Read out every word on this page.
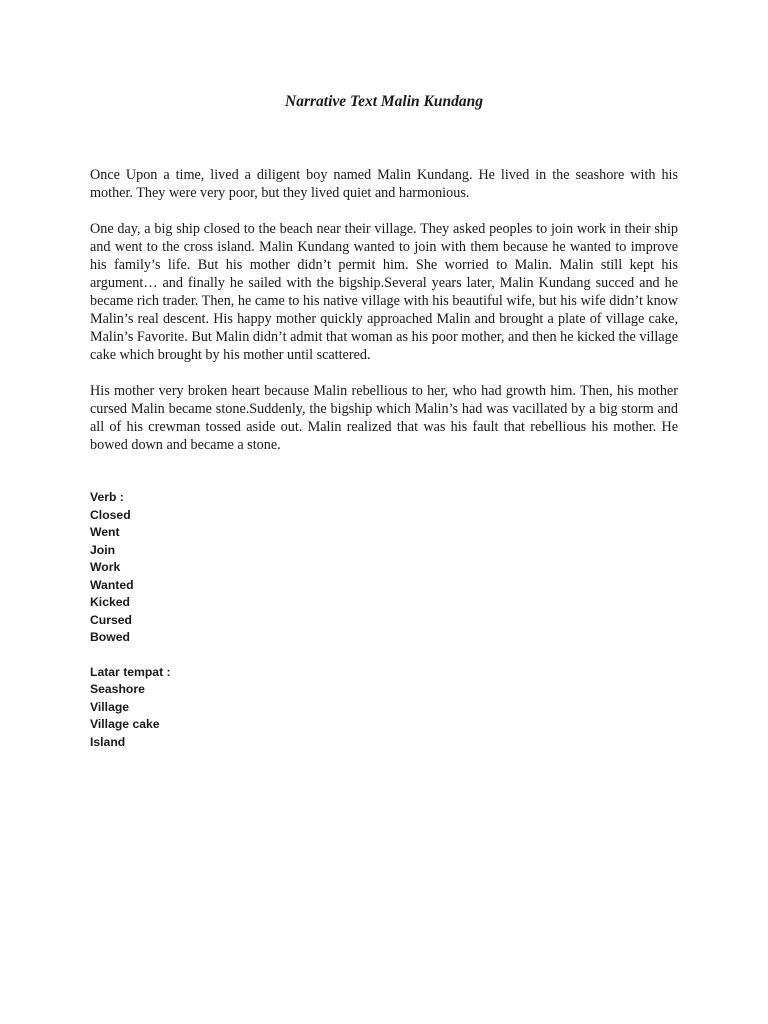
Narrative Text Malin Kundang

Once Upon a time, lived a diligent boy named Malin Kundang. He lived in the seashore with his mother. They were very poor, but they lived quiet and harmonious.

One day, a big ship closed to the beach near their village. They asked peoples to join work in their ship and went to the cross island. Malin Kundang wanted to join with them because he wanted to improve his family’s life. But his mother didn’t permit him. She worried to Malin. Malin still kept his argument… and finally he sailed with the bigship.Several years later, Malin Kundang succed and he became rich trader. Then, he came to his native village with his beautiful wife, but his wife didn’t know Malin’s real descent. His happy mother quickly approached Malin and brought a plate of village cake, Malin’s Favorite. But Malin didn’t admit that woman as his poor mother, and then he kicked the village cake which brought by his mother until scattered.

His mother very broken heart because Malin rebellious to her, who had growth him. Then, his mother cursed Malin became stone.Suddenly, the bigship which Malin’s had was vacillated by a big storm and all of his crewman tossed aside out. Malin realized that was his fault that rebellious his mother. He bowed down and became a stone.

Verb :
Closed
Went
Join
Work
Wanted
Kicked
Cursed
Bowed
Latar tempat :
Seashore
Village
Village cake
Island
